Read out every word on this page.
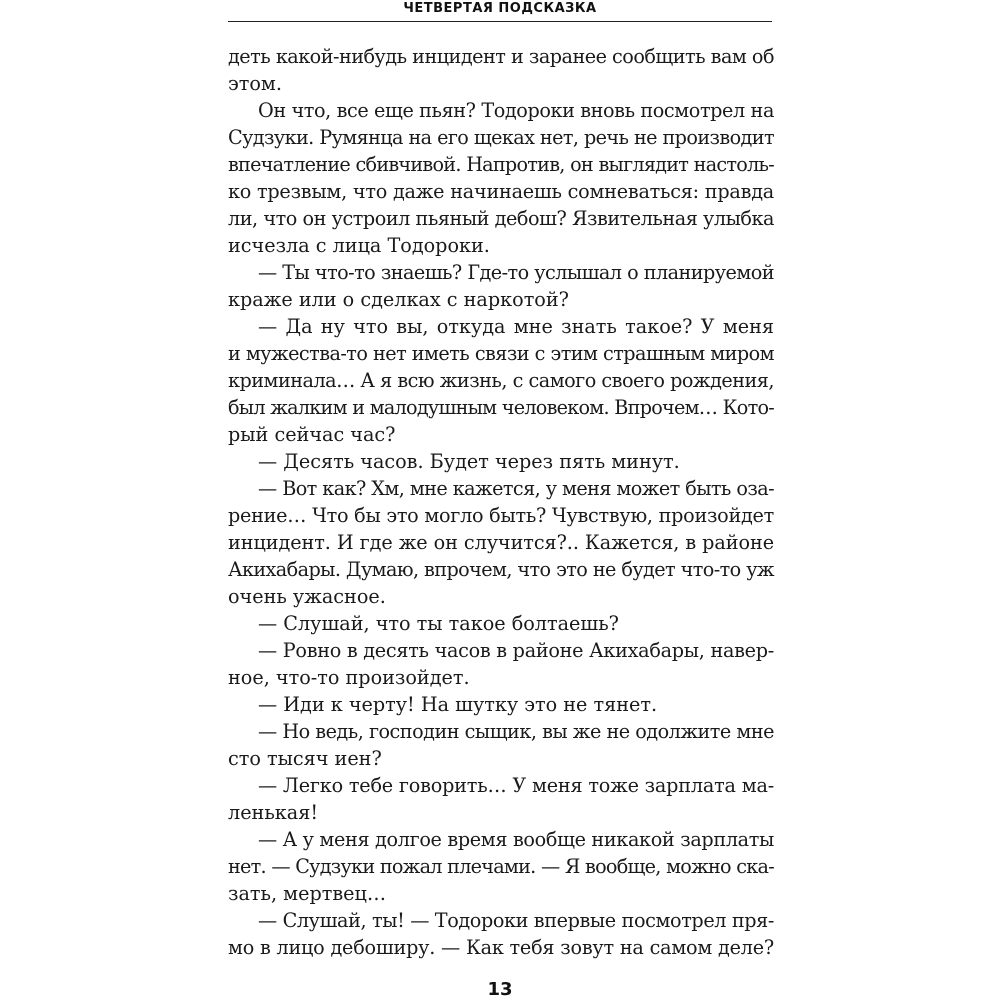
ЧЕТВЕРТАЯ ПОДСКАЗКА
деть какой-нибудь инцидент и заранее сообщить вам об
этом.
Он что, все еще пьян? Тодороки вновь посмотрел на
Судзуки. Румянца на его щеках нет, речь не производит
впечатление сбивчивой. Напротив, он выглядит настоль-
ко трезвым, что даже начинаешь сомневаться: правда
ли, что он устроил пьяный дебош? Язвительная улыбка
исчезла с лица Тодороки.
— Ты что-то знаешь? Где-то услышал о планируемой
краже или о сделках с наркотой?
— Да ну что вы, откуда мне знать такое? У меня
и мужества-то нет иметь связи с этим страшным миром
криминала… А я всю жизнь, с самого своего рождения,
был жалким и малодушным человеком. Впрочем… Кото-
рый сейчас час?
— Десять часов. Будет через пять минут.
— Вот как? Хм, мне кажется, у меня может быть оза-
рение… Что бы это могло быть? Чувствую, произойдет
инцидент. И где же он случится?.. Кажется, в районе
Акихабары. Думаю, впрочем, что это не будет что-то уж
очень ужасное.
— Слушай, что ты такое болтаешь?
— Ровно в десять часов в районе Акихабары, навер-
ное, что-то произойдет.
— Иди к черту! На шутку это не тянет.
— Но ведь, господин сыщик, вы же не одолжите мне
сто тысяч иен?
— Легко тебе говорить… У меня тоже зарплата ма-
ленькая!
— А у меня долгое время вообще никакой зарплаты
нет. — Судзуки пожал плечами. — Я вообще, можно ска-
зать, мертвец…
— Слушай, ты! — Тодороки впервые посмотрел пря-
мо в лицо дебоширу. — Как тебя зовут на самом деле?
13
